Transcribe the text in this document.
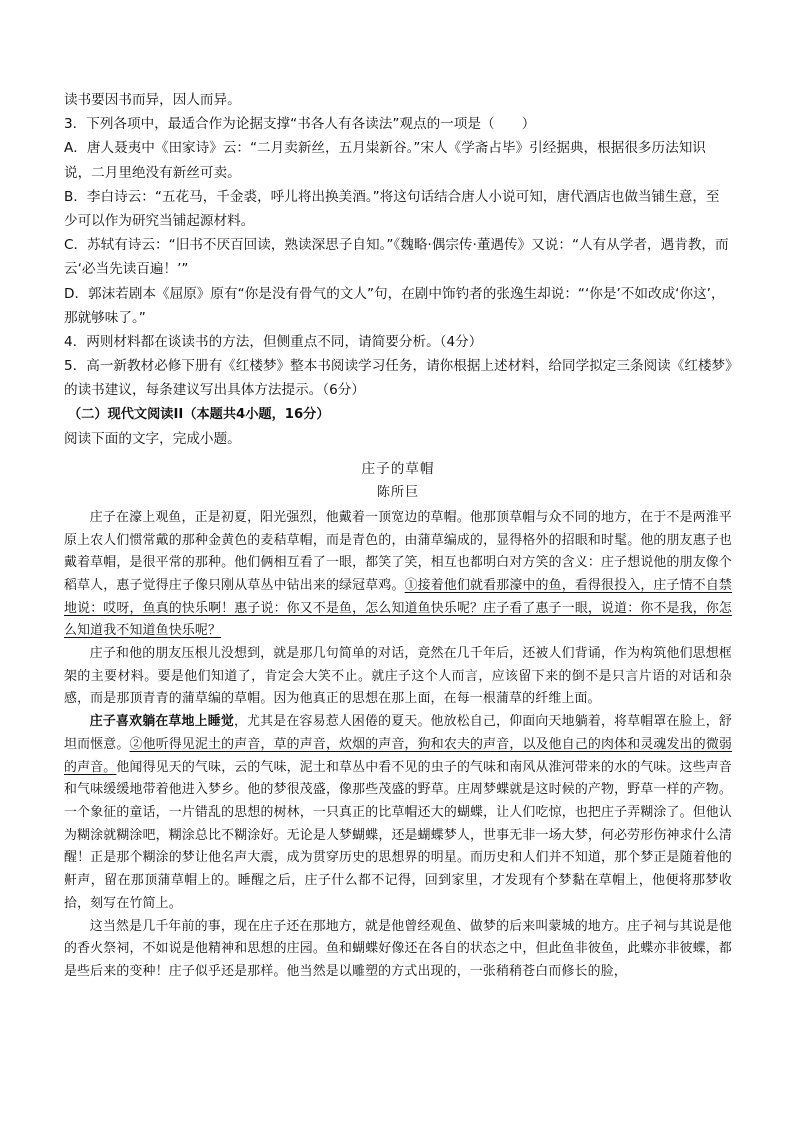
读书要因书而异，因人而异。

3．下列各项中，最适合作为论据支撑“书各人有各读法”观点的一项是（　　）

A．唐人聂夷中《田家诗》云：“二月卖新丝，五月粜新谷。”宋人《学斋占毕》引经据典，根据很多历法知识说，二月里绝没有新丝可卖。

B．李白诗云：“五花马，千金裘，呼儿将出换美酒。”将这句话结合唐人小说可知，唐代酒店也做当铺生意，至少可以作为研究当铺起源材料。

C．苏轼有诗云：“旧书不厌百回读，熟读深思子自知。”《魏略·偶宗传·董遇传》又说：“人有从学者，遇肯教，而云‘必当先读百遍！’”

D．郭沫若剧本《屈原》原有“你是没有骨气的文人”句，在剧中饰钓者的张逸生却说：“‘你是’不如改成‘你这’，那就够味了。”

4．两则材料都在谈读书的方法，但侧重点不同，请简要分析。（4分）

5．高一新教材必修下册有《红楼梦》整本书阅读学习任务，请你根据上述材料，给同学拟定三条阅读《红楼梦》的读书建议，每条建议写出具体方法提示。（6分）

（二）现代文阅读II（本题共4小题，16分）

阅读下面的文字，完成小题。

庄子的草帽
陈所巨

庄子在濠上观鱼，正是初夏，阳光强烈，他戴着一顶宽边的草帽。他那顶草帽与众不同的地方，在于不是两淮平原上农人们惯常戴的那种金黄色的麦秸草帽，而是青色的，由蒲草编成的，显得格外的招眼和时髦。他的朋友惠子也戴着草帽，是很平常的那种。他们俩相互看了一眼，都笑了笑，相互也都明白对方笑的含义：庄子想说他的朋友像个稻草人，惠子觉得庄子像只刚从草丛中钻出来的绿冠草鸡。①接着他们就看那濠中的鱼，看得很投入，庄子情不自禁地说：哎呀，鱼真的快乐啊！惠子说：你又不是鱼，怎么知道鱼快乐呢？庄子看了惠子一眼，说道：你不是我，你怎么知道我不知道鱼快乐呢？

庄子和他的朋友压根儿没想到，就是那几句简单的对话，竟然在几千年后，还被人们背诵，作为构筑他们思想框架的主要材料。要是他们知道了，肯定会大笑不止。就庄子这个人而言，应该留下来的倒不是只言片语的对话和杂感，而是那顶青青的蒲草编的草帽。因为他真正的思想在那上面，在每一根蒲草的纤维上面。

庄子喜欢躺在草地上睡觉，尤其是在容易惹人困倦的夏天。他放松自己，仰面向天地躺着，将草帽罩在脸上，舒坦而惬意。②他听得见泥土的声音，草的声音，炊烟的声音，狗和农夫的声音，以及他自己的肉体和灵魂发出的微弱的声音。他闻得见天的气味，云的气味，泥土和草丛中看不见的虫子的气味和南风从淮河带来的水的气味。这些声音和气味缓缓地带着他进入梦乡。他的梦很茂盛，像那些茂盛的野草。庄周梦蝶就是这时候的产物，野草一样的产物。一个象征的童话，一片错乱的思想的树林，一只真正的比草帽还大的蝴蝶，让人们吃惊，也把庄子弄糊涂了。但他认为糊涂就糊涂吧，糊涂总比不糊涂好。无论是人梦蝴蝶，还是蝴蝶梦人，世事无非一场大梦，何必劳形伤神求什么清醒！正是那个糊涂的梦让他名声大震，成为贯穿历史的思想界的明星。而历史和人们并不知道，那个梦正是随着他的鼾声，留在那顶蒲草帽上的。睡醒之后，庄子什么都不记得，回到家里，才发现有个梦黏在草帽上，他便将那梦收拾，刻写在竹简上。

这当然是几千年前的事，现在庄子还在那地方，就是他曾经观鱼、做梦的后来叫蒙城的地方。庄子祠与其说是他的香火祭祠，不如说是他精神和思想的庄园。鱼和蝴蝶好像还在各自的状态之中，但此鱼非彼鱼，此蝶亦非彼蝶，都是些后来的变种！庄子似乎还是那样。他当然是以雕塑的方式出现的，一张稍稍苍白而修长的脸，
